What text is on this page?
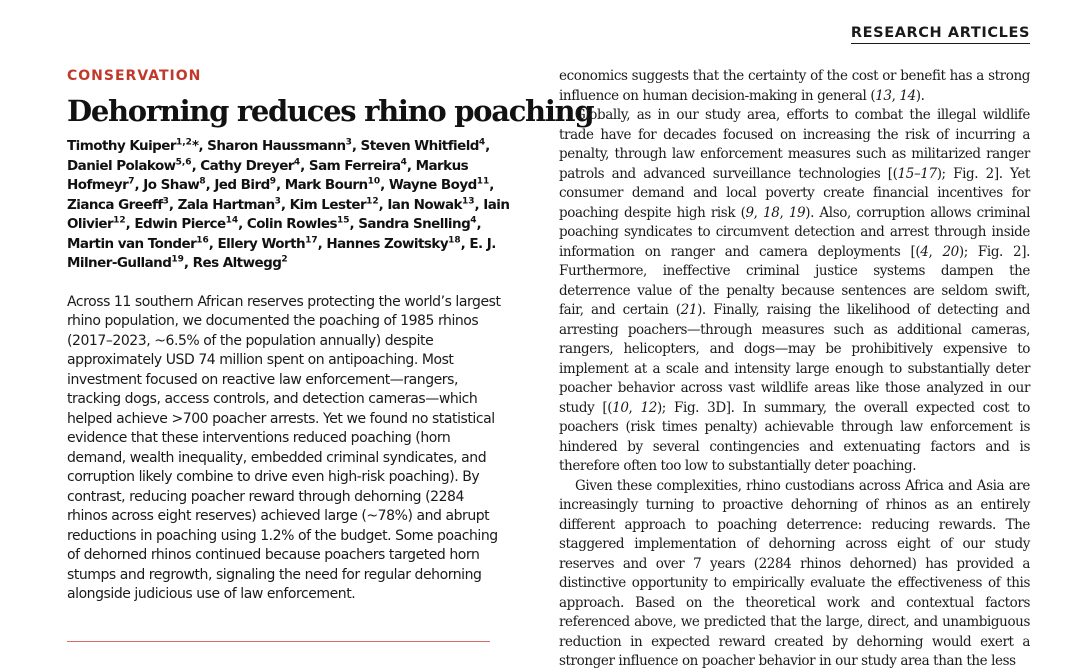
RESEARCH ARTICLES

CONSERVATION

Dehorning reduces rhino poaching

Timothy Kuiper$^{1,2}$*, Sharon Haussmann$^3$, Steven Whitfield$^4$, Daniel Polakow$^{5,6}$, Cathy Dreyer$^4$, Sam Ferreira$^4$, Markus Hofmeyr$^7$, Jo Shaw$^8$, Jed Bird$^9$, Mark Bourn$^{10}$, Wayne Boyd$^{11}$, Zianca Greeff$^3$, Zala Hartman$^3$, Kim Lester$^{12}$, Ian Nowak$^{13}$, Iain Olivier$^{12}$, Edwin Pierce$^{14}$, Colin Rowles$^{15}$, Sandra Snelling$^4$, Martin van Tonder$^{16}$, Ellery Worth$^{17}$, Hannes Zowitsky$^{18}$, E. J. Milner-Gulland$^{19}$, Res Altwegg$^2$

Across 11 southern African reserves protecting the world’s largest rhino population, we documented the poaching of 1985 rhinos (2017–2023, ~6.5% of the population annually) despite approximately USD 74 million spent on antipoaching. Most investment focused on reactive law enforcement—rangers, tracking dogs, access controls, and detection cameras—which helped achieve >700 poacher arrests. Yet we found no statistical evidence that these interventions reduced poaching (horn demand, wealth inequality, embedded criminal syndicates, and corruption likely combine to drive even high-risk poaching). By contrast, reducing poacher reward through dehorning (2284 rhinos across eight reserves) achieved large (~78%) and abrupt reductions in poaching using 1.2% of the budget. Some poaching of dehorned rhinos continued because poachers targeted horn stumps and regrowth, signaling the need for regular dehorning alongside judicious use of law enforcement.

economics suggests that the certainty of the cost or benefit has a strong influence on human decision-making in general (13, 14).

Globally, as in our study area, efforts to combat the illegal wildlife trade have for decades focused on increasing the risk of incurring a penalty, through law enforcement measures such as militarized ranger patrols and advanced surveillance technologies [(15–17); Fig. 2]. Yet consumer demand and local poverty create financial incentives for poaching despite high risk (9, 18, 19). Also, corruption allows criminal poaching syndicates to circumvent detection and arrest through inside information on ranger and camera deployments [(4, 20); Fig. 2]. Furthermore, ineffective criminal justice systems dampen the deterrence value of the penalty because sentences are seldom swift, fair, and certain (21). Finally, raising the likelihood of detecting and arresting poachers—through measures such as additional cameras, rangers, helicopters, and dogs—may be prohibitively expensive to implement at a scale and intensity large enough to substantially deter poacher behavior across vast wildlife areas like those analyzed in our study [(10, 12); Fig. 3D]. In summary, the overall expected cost to poachers (risk times penalty) achievable through law enforcement is hindered by several contingencies and extenuating factors and is therefore often too low to substantially deter poaching.

Given these complexities, rhino custodians across Africa and Asia are increasingly turning to proactive dehorning of rhinos as an entirely different approach to poaching deterrence: reducing rewards. The staggered implementation of dehorning across eight of our study reserves and over 7 years (2284 rhinos dehorned) has provided a distinctive opportunity to empirically evaluate the effectiveness of this approach. Based on the theoretical work and contextual factors referenced above, we predicted that the large, direct, and unambiguous reduction in expected reward created by dehorning would exert a stronger influence on poacher behavior in our study area than the less
